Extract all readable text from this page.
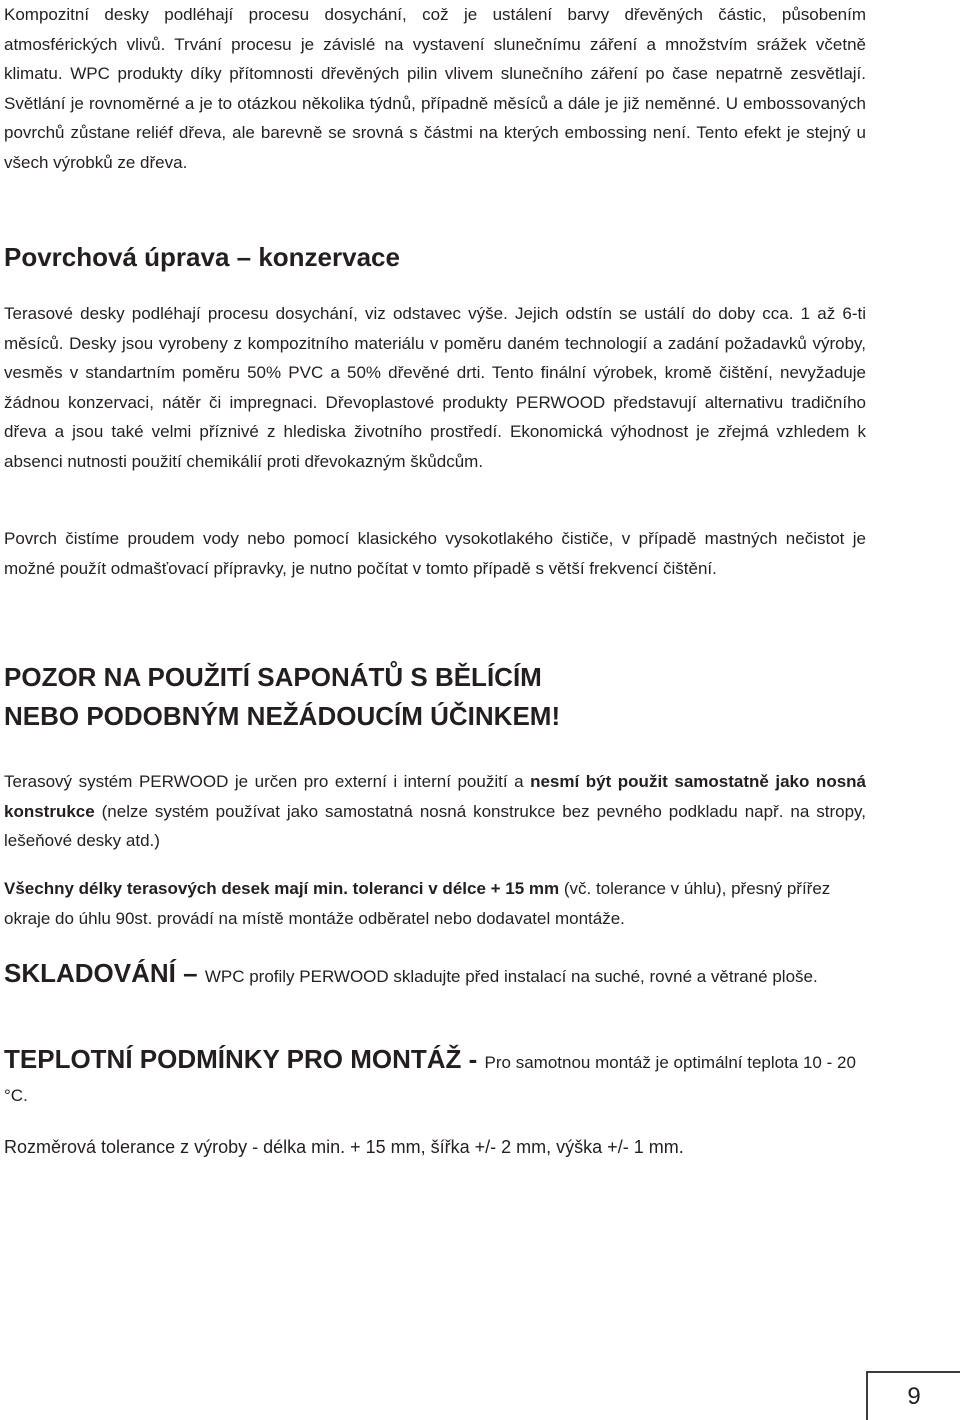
Kompozitní desky podléhají procesu dosychání, což je ustálení barvy dřevěných částic, působením atmosférických vlivů. Trvání procesu je závislé na vystavení slunečnímu záření a množstvím srážek včetně klimatu. WPC produkty díky přítomnosti dřevěných pilin vlivem slunečního záření po čase nepatrně zesvětlají. Světlání je rovnoměrné a je to otázkou několika týdnů, případně měsíců a dále je již neměnné. U embossovaných povrchů zůstane reliéf dřeva, ale barevně se srovná s částmi na kterých embossing není. Tento efekt je stejný u všech výrobků ze dřeva.

Povrchová úprava – konzervace

Terasové desky podléhají procesu dosychání, viz odstavec výše. Jejich odstín se ustálí do doby cca. 1 až 6-ti měsíců. Desky jsou vyrobeny z kompozitního materiálu v poměru daném technologií a zadání požadavků výroby, vesměs v standartním poměru 50% PVC a 50% dřevěné drti. Tento finální výrobek, kromě čištění, nevyžaduje žádnou konzervaci, nátěr či impregnaci. Dřevoplastové produkty PERWOOD představují alternativu tradičního dřeva a jsou také velmi příznivé z hlediska životního prostředí. Ekonomická výhodnost je zřejmá vzhledem k absenci nutnosti použití chemikálií proti dřevokazným škůdcům.

Povrch čistíme proudem vody nebo pomocí klasického vysokotlakého čističe, v případě mastných nečistot je možné použít odmašťovací přípravky, je nutno počítat v tomto případě s větší frekvencí čištění.

POZOR NA POUŽITÍ SAPONÁTŮ S BĚLÍCÍM
NEBO PODOBNÝM NEŽÁDOUCÍM ÚČINKEM!

Terasový systém PERWOOD je určen pro externí i interní použití a nesmí být použit samostatně jako nosná konstrukce (nelze systém používat jako samostatná nosná konstrukce bez pevného podkladu např. na stropy, lešeňové desky atd.)

Všechny délky terasových desek mají min. toleranci v délce + 15 mm (vč. tolerance v úhlu), přesný přířez okraje do úhlu 90st. provádí na místě montáže odběratel nebo dodavatel montáže.

SKLADOVÁNÍ – WPC profily PERWOOD skladujte před instalací na suché, rovné a větrané ploše.

TEPLOTNÍ PODMÍNKY PRO MONTÁŽ - Pro samotnou montáž je optimální teplota 10 - 20 °C.

Rozměrová tolerance z výroby - délka min. + 15 mm, šířka +/- 2 mm, výška +/- 1 mm.

9
